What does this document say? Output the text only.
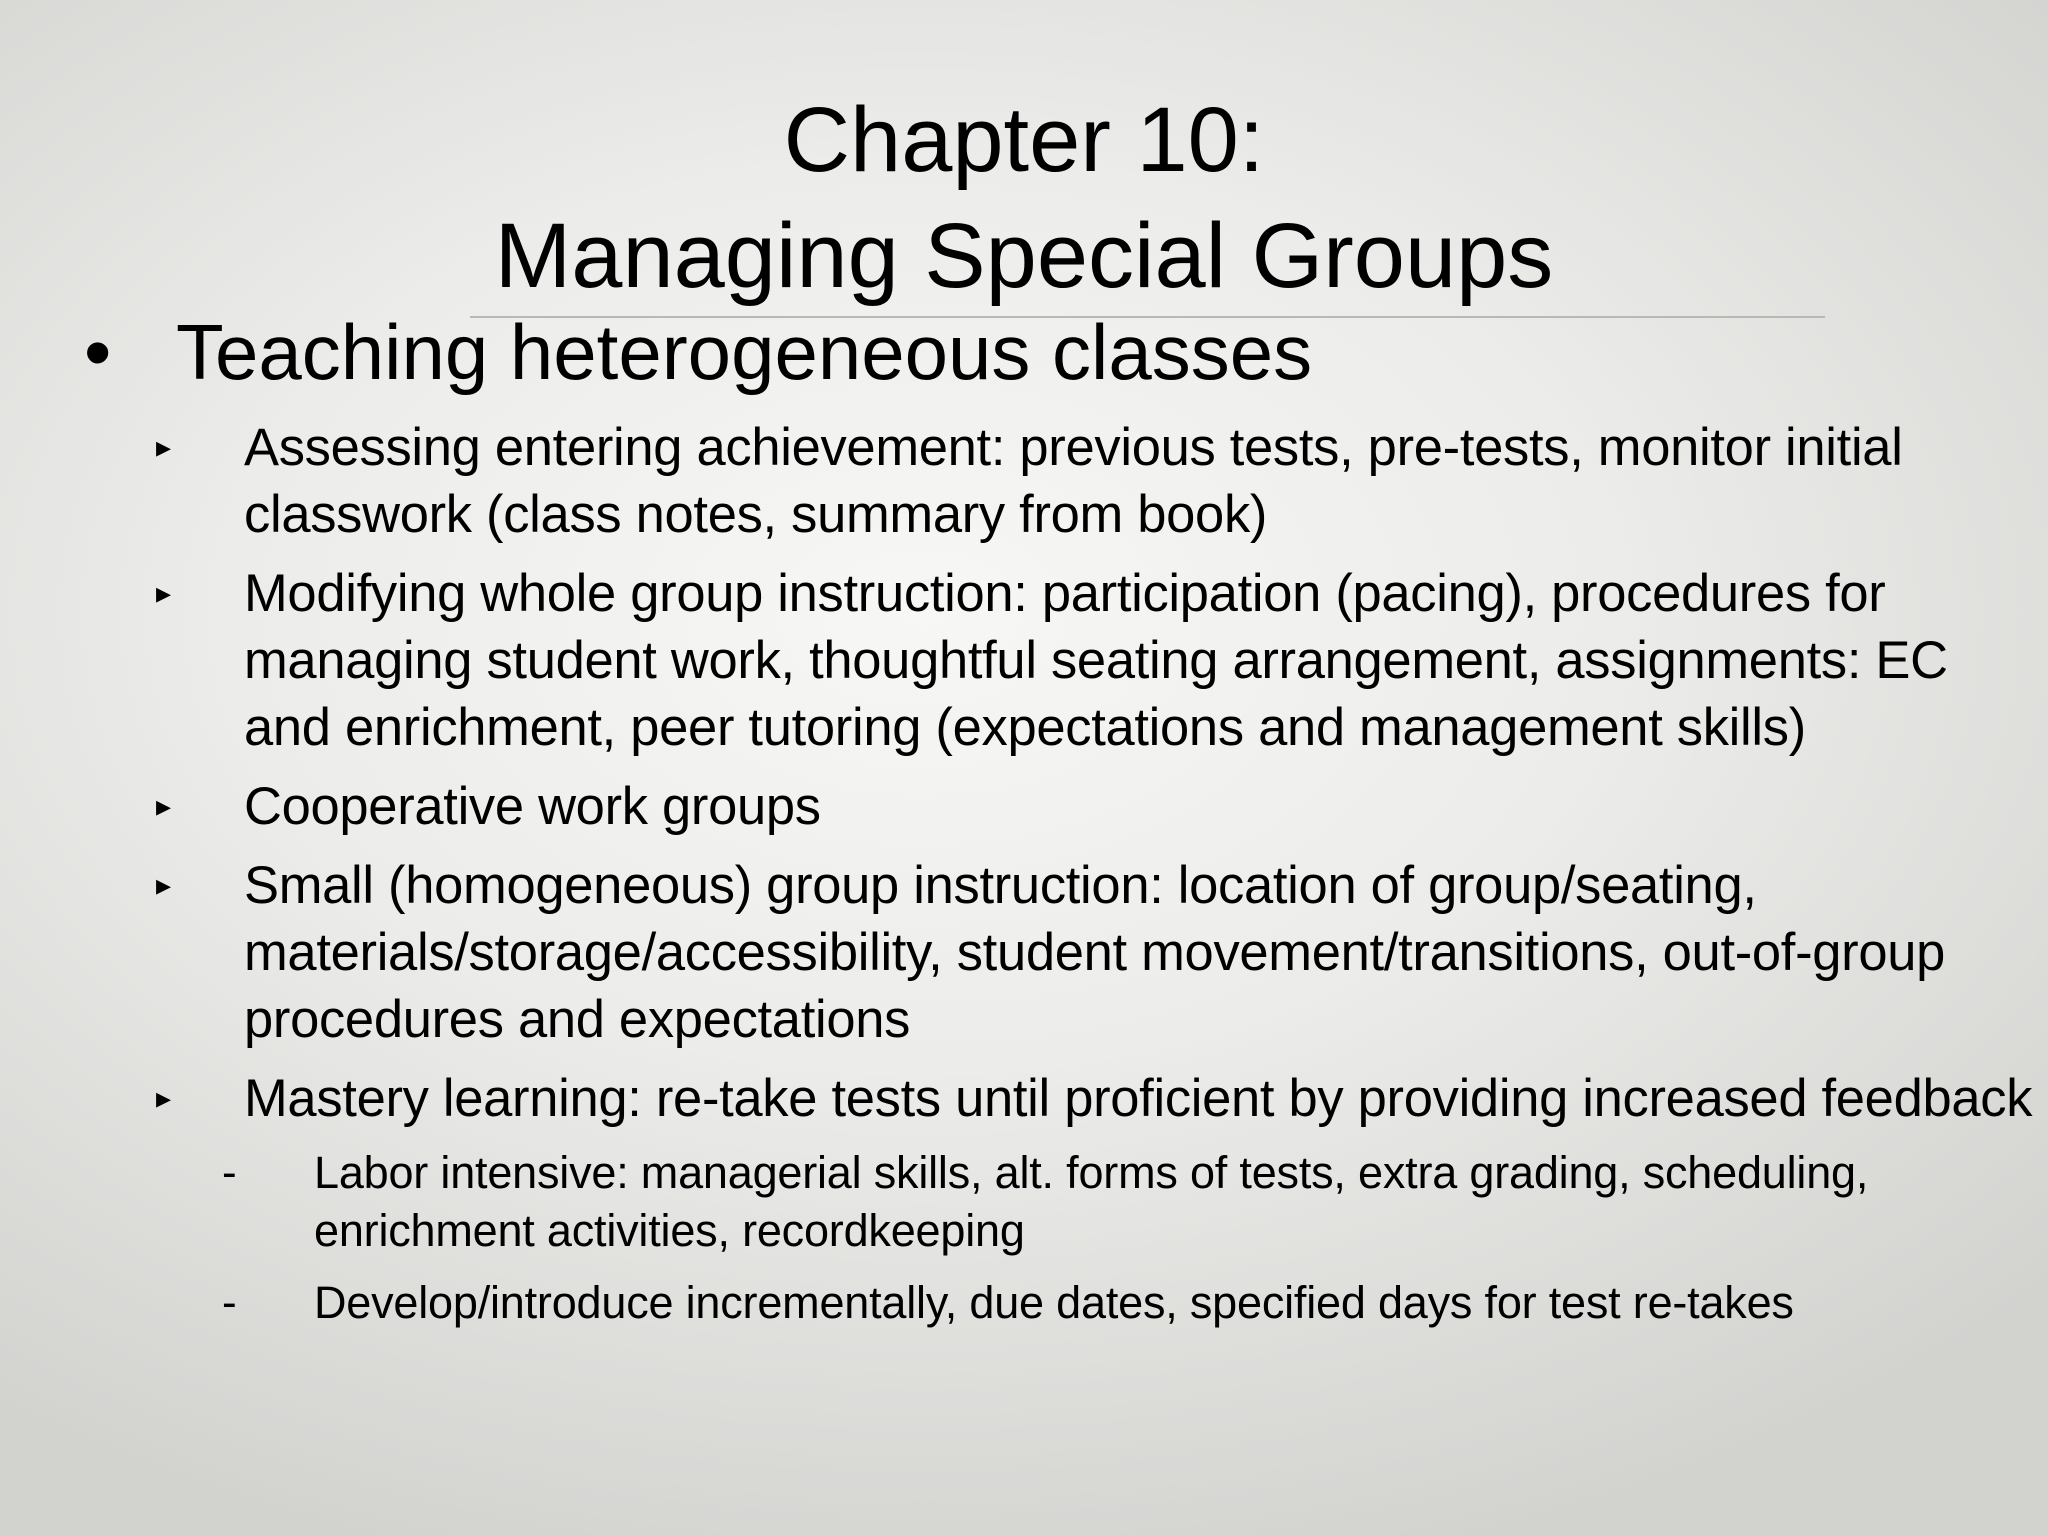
Chapter 10:
Managing Special Groups
• Teaching heterogeneous classes
▸ Assessing entering achievement: previous tests, pre-tests, monitor initial classwork (class notes, summary from book)
▸ Modifying whole group instruction: participation (pacing), procedures for managing student work, thoughtful seating arrangement, assignments: EC and enrichment, peer tutoring (expectations and management skills)
▸ Cooperative work groups
▸ Small (homogeneous) group instruction: location of group/seating, materials/storage/accessibility, student movement/transitions, out-of-group procedures and expectations
▸ Mastery learning: re-take tests until proficient by providing increased feedback
- Labor intensive: managerial skills, alt. forms of tests, extra grading, scheduling, enrichment activities, recordkeeping
- Develop/introduce incrementally, due dates, specified days for test re-takes
